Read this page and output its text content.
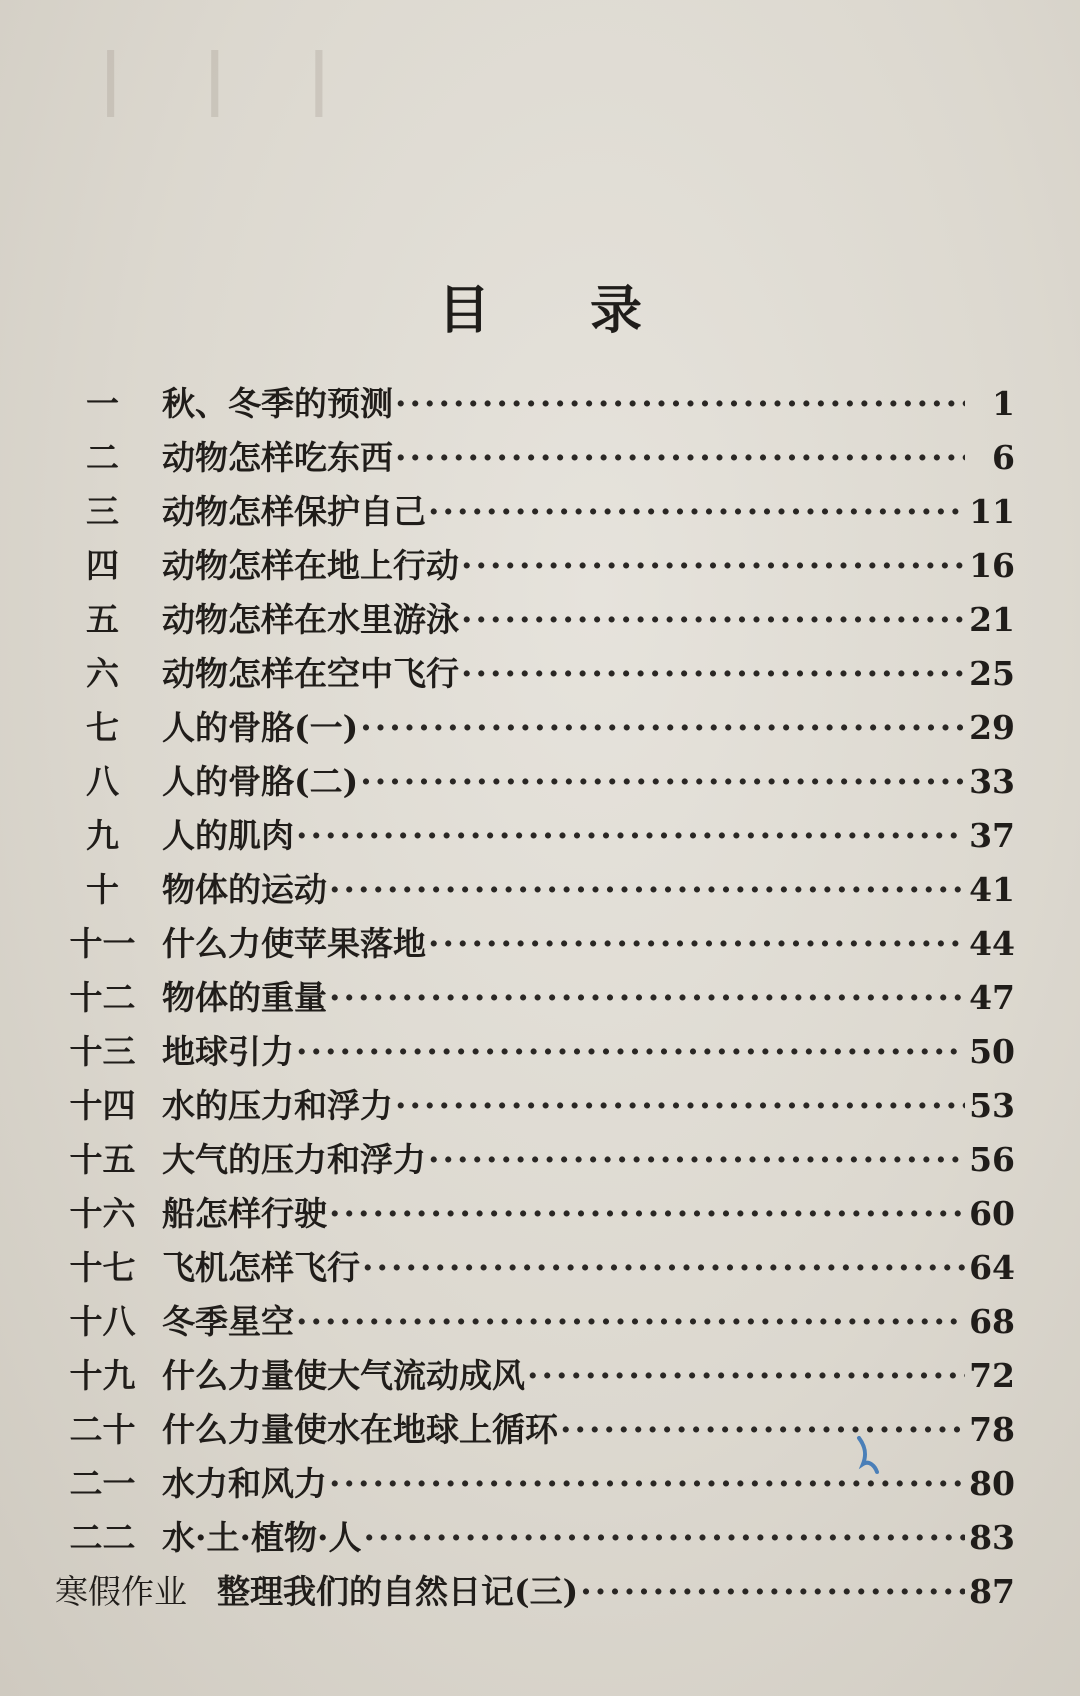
ꟾ ꟾ ꟾ
目录
一	秋、冬季的预测 ·····	1
二	动物怎样吃东西 ·····	6
三	动物怎样保护自己 ·····	11
四	动物怎样在地上行动 ·····	16
五	动物怎样在水里游泳 ·····	21
六	动物怎样在空中飞行 ·····	25
七	人的骨胳(一) ·····	29
八	人的骨胳(二) ·····	33
九	人的肌肉 ·····	37
十	物体的运动 ·····	41
十一 什么力使苹果落地 ·····	44
十二 物体的重量 ·····	47
十三 地球引力 ·····	50
十四 水的压力和浮力 ·····	53
十五 大气的压力和浮力 ·····	56
十六 船怎样行驶 ·····	60
十七 飞机怎样飞行 ·····	64
十八 冬季星空 ·····	68
十九 什么力量使大气流动成风 ·····	72
二十 什么力量使水在地球上循环 ·····	78
二一 水力和风力 ·····	80
二二 水·土·植物·人 ·····	83
寒假作业 整理我们的自然日记(三) ·····	87
